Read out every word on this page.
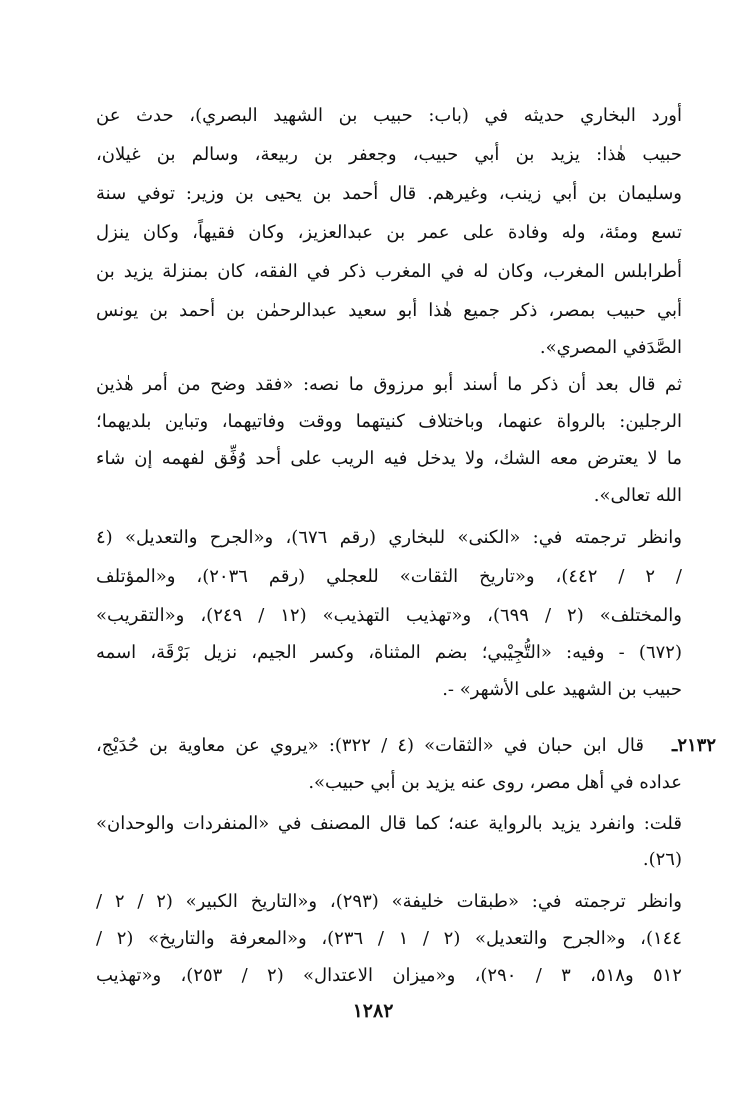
أورد البخاري حديثه في (باب: حبيب بن الشهيد البصري)، حدث عن
حبيب هٰذا: يزيد بن أبي حبيب، وجعفر بن ربيعة، وسالم بن غيلان،
وسليمان بن أبي زينب، وغيرهم. قال أحمد بن يحيى بن وزير: توفي سنة
تسع ومئة، وله وفادة على عمر بن عبدالعزيز، وكان فقيهاً، وكان ينزل
أطرابلس المغرب، وكان له في المغرب ذكر في الفقه، كان بمنزلة يزيد بن
أبي حبيب بمصر، ذكر جميع هٰذا أبو سعيد عبدالرحمٰن بن أحمد بن يونس
الصَّدَفي المصري».
ثم قال بعد أن ذكر ما أسند أبو مرزوق ما نصه: «فقد وضح من أمر هٰذين
الرجلين: بالرواة عنهما، وباختلاف كنيتهما ووقت وفاتيهما، وتباين بلديهما؛
ما لا يعترض معه الشك، ولا يدخل فيه الريب على أحد وُفِّق لفهمه إن شاء
الله تعالى».
وانظر ترجمته في: «الكنى» للبخاري (رقم ٦٧٦)، و«الجرح والتعديل» (٤
/ ٢ / ٤٤٢)، و«تاريخ الثقات» للعجلي (رقم ٢٠٣٦)، و«المؤتلف
والمختلف» (٢ / ٦٩٩)، و«تهذيب التهذيب» (١٢ / ٢٤٩)، و«التقريب»
(٦٧٢) - وفيه: «التُّجِيْبي؛ بضم المثناة، وكسر الجيم، نزيل بَرْقَة، اسمه
حبيب بن الشهيد على الأشهر» -.
٢١٣٢ـ
قال ابن حبان في «الثقات» (٤ / ٣٢٢): «يروي عن معاوية بن حُدَيْج،
عداده في أهل مصر، روى عنه يزيد بن أبي حبيب».
قلت: وانفرد يزيد بالرواية عنه؛ كما قال المصنف في «المنفردات والوحدان»
(٢٦).
وانظر ترجمته في: «طبقات خليفة» (٢٩٣)، و«التاريخ الكبير» (٢ / ٢ /
١٤٤)، و«الجرح والتعديل» (٢ / ١ / ٢٣٦)، و«المعرفة والتاريخ» (٢ /
٥١٢ و٥١٨، ٣ / ٢٩٠)، و«ميزان الاعتدال» (٢ / ٢٥٣)، و«تهذيب
١٢٨٢
